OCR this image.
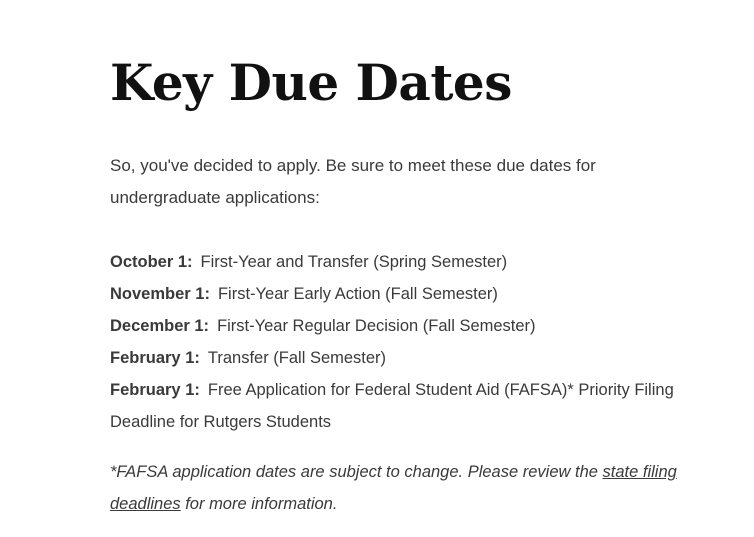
Key Due Dates

So, you've decided to apply. Be sure to meet these due dates for undergraduate applications:

October 1: First-Year and Transfer (Spring Semester)
November 1: First-Year Early Action (Fall Semester)
December 1: First-Year Regular Decision (Fall Semester)
February 1: Transfer (Fall Semester)
February 1: Free Application for Federal Student Aid (FAFSA)* Priority Filing Deadline for Rutgers Students

*FAFSA application dates are subject to change. Please review the state filing deadlines for more information.
